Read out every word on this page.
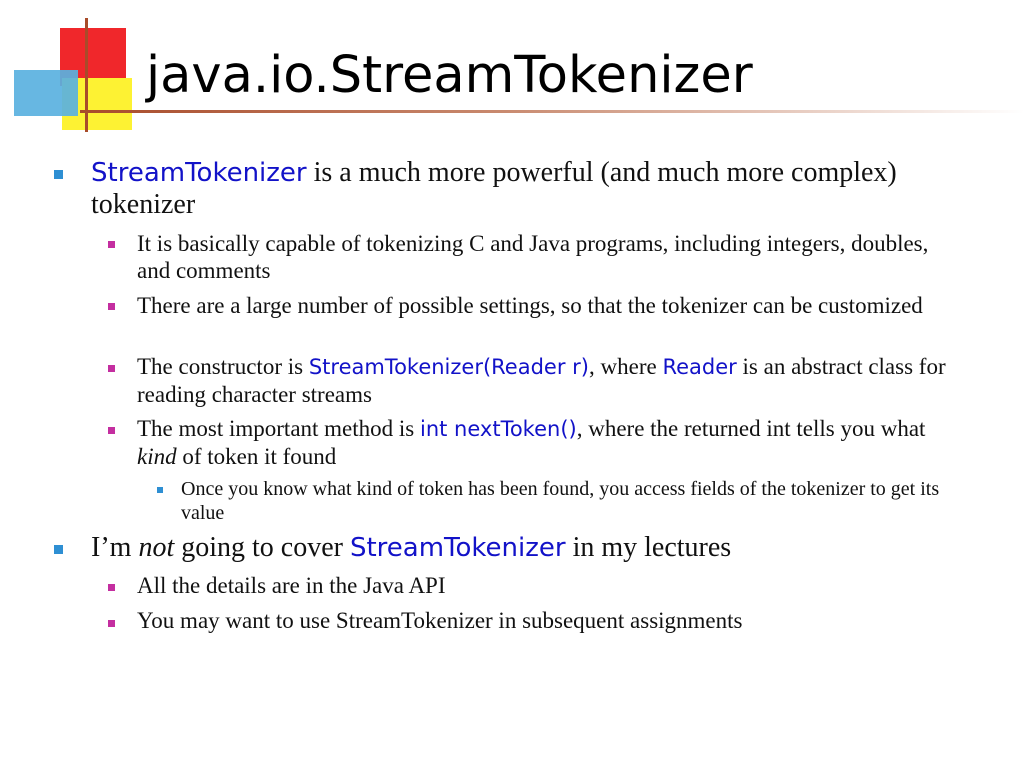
java.io.StreamTokenizer

StreamTokenizer is a much more powerful (and much more complex) tokenizer

It is basically capable of tokenizing C and Java programs, including integers, doubles, and comments

There are a large number of possible settings, so that the tokenizer can be customized

The constructor is StreamTokenizer(Reader r), where Reader is an abstract class for reading character streams

The most important method is int nextToken(), where the returned int tells you what kind of token it found

Once you know what kind of token has been found, you access fields of the tokenizer to get its value

I’m not going to cover StreamTokenizer in my lectures

All the details are in the Java API

You may want to use StreamTokenizer in subsequent assignments
